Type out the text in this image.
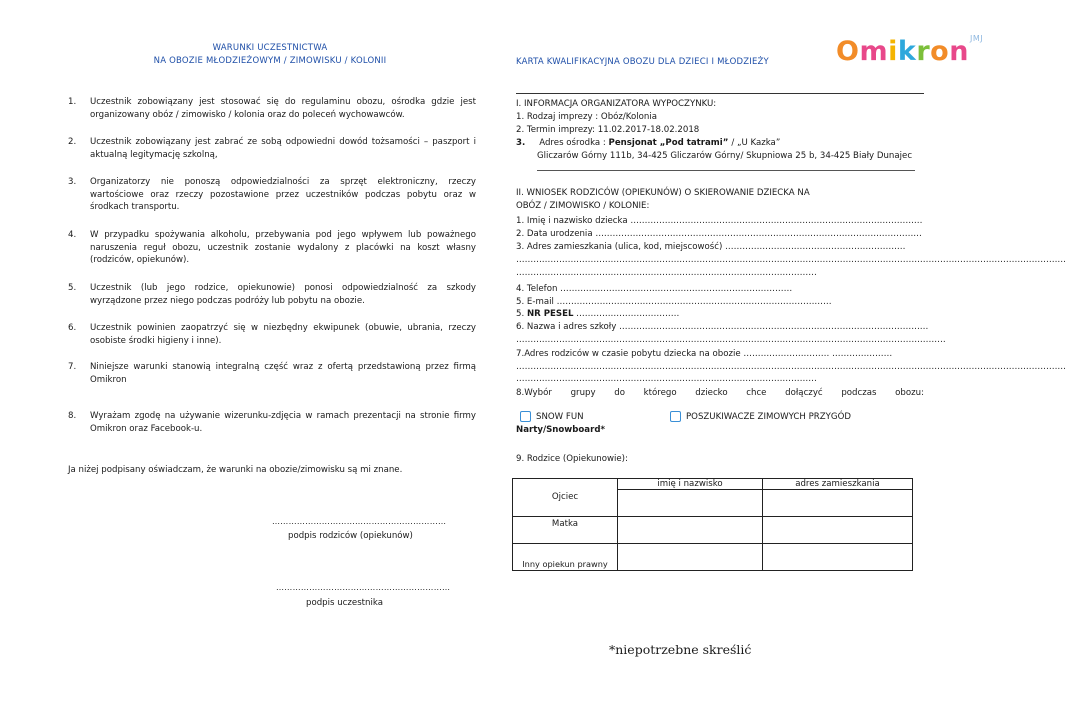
WARUNKI UCZESTNICTWA
NA OBOZIE MŁODZIEŻOWYM / ZIMOWISKU / KOLONII
1. Uczestnik zobowiązany jest stosować się do regulaminu obozu, ośrodka gdzie jest organizowany obóz / zimowisko / kolonia oraz do poleceń wychowawców.
2. Uczestnik zobowiązany jest zabrać ze sobą odpowiedni dowód tożsamości – paszport i aktualną legitymację szkolną,
3. Organizatorzy nie ponoszą odpowiedzialności za sprzęt elektroniczny, rzeczy wartościowe oraz rzeczy pozostawione przez uczestników podczas pobytu oraz w środkach transportu.
4. W przypadku spożywania alkoholu, przebywania pod jego wpływem lub poważnego naruszenia reguł obozu, uczestnik zostanie wydalony z placówki na koszt własny (rodziców, opiekunów).
5. Uczestnik (lub jego rodzice, opiekunowie) ponosi odpowiedzialność za szkody wyrządzone przez niego podczas podróży lub pobytu na obozie.
6. Uczestnik powinien zaopatrzyć się w niezbędny ekwipunek (obuwie, ubrania, rzeczy osobiste środki higieny i inne).
7. Niniejsze warunki stanowią integralną część wraz z ofertą przedstawioną przez firmą Omikron
8. Wyrażam zgodę na używanie wizerunku-zdjęcia w ramach prezentacji na stronie firmy Omikron oraz Facebook-u.
Ja niżej podpisany oświadczam, że warunki na obozie/zimowisku są mi znane.
………………………………………………………
podpis rodziców (opiekunów)
………………………………………………………
podpis uczestnika
KARTA KWALIFIKACYJNA OBOZU DLA DZIECI I MŁODZIEŻY Omikron$^{JMJ}$
I. INFORMACJA ORGANIZATORA WYPOCZYNKU:
1. Rodzaj imprezy : Obóz/Kolonia
2. Termin imprezy: 11.02.2017-18.02.2018
3. Adres ośrodka : Pensjonat „Pod tatrami” / „U Kazka”
Gliczarów Górny 111b, 34-425 Gliczarów Górny/ Skupniowa 25 b, 34-425 Biały Dunajec
II. WNIOSEK RODZICÓW (OPIEKUNÓW) O SKIEROWANIE DZIECKA NA
OBÓZ / ZIMOWISKO / KOLONIE:
1. Imię i nazwisko dziecka …………………………………………………………………………………………
2. Data urodzenia ……………………………………………………………………………………………………
3. Adres zamieszkania (ulica, kod, miejscowość) ………………………………………………………
…………………………………………………………………………………………………………………………………………………………………………
……………………………………………………………………………………………
4. Telefon ………………………………………………………………………
5. E-mail ……………………………………………………………………………………
5. NR PESEL ………………………………
6. Nazwa i adres szkoły ………………………………………………………………………………………………
……………………………………………………………………………………………………………………………………
7.Adres rodziców w czasie pobytu dziecka na obozie ………………………… …………………
…………………………………………………………………………………………………………………………………………………………………………
……………………………………………………………………………………………
8.Wybór grupy do którego dziecko chce dołączyć podczas obozu:
SNOW FUN
Narty/Snowboard*
POSZUKIWACZE ZIMOWYCH PRZYGÓD
9. Rodzice (Opiekunowie):
	imię i nazwisko	adres zamieszkania
Ojciec		
Matka		
Inny opiekun prawny		
*niepotrzebne skreślić
